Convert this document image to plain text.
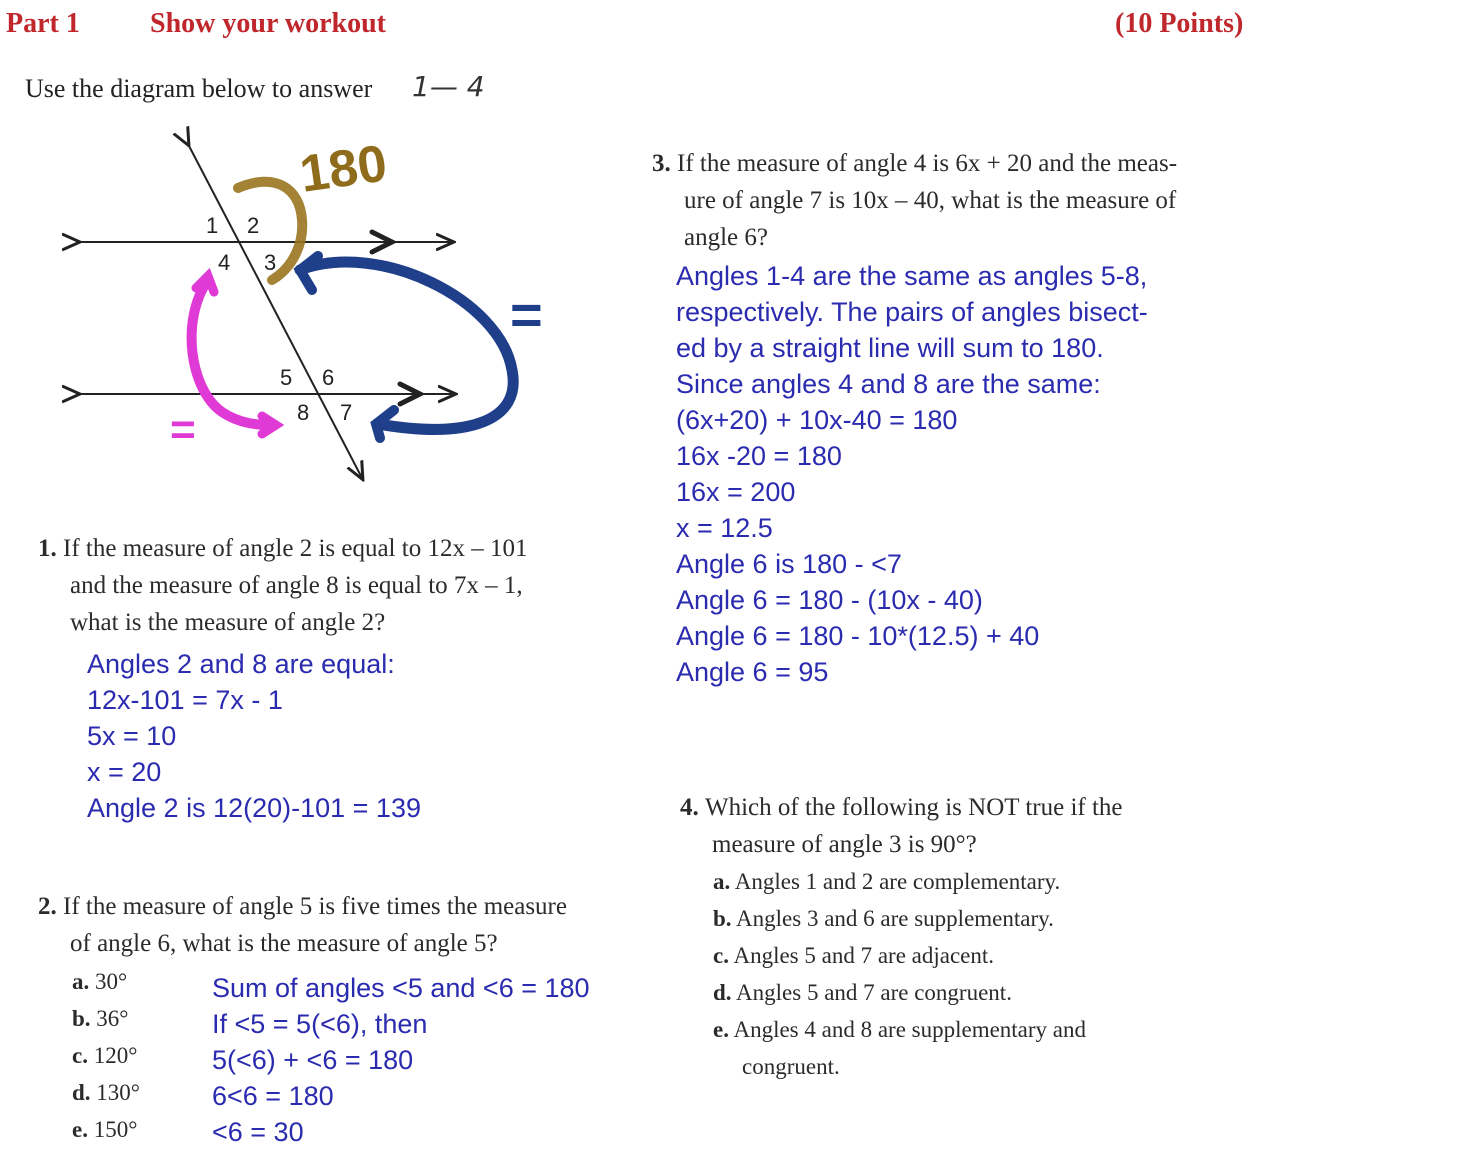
Part 1	Show your workout	(10 Points)
Use the diagram below to answer 1— 4
1 2
3
4
5 6
7
8
180
=
=
1. If the measure of angle 2 is equal to 12x – 101
and the measure of angle 8 is equal to 7x – 1,
what is the measure of angle 2?
Angles 2 and 8 are equal:
12x-101 = 7x - 1
5x = 10
x = 20
Angle 2 is 12(20)-101 = 139
2. If the measure of angle 5 is five times the measure
of angle 6, what is the measure of angle 5?
a. 30°
b. 36°
c. 120°
d. 130°
e. 150°
Sum of angles <5 and <6 = 180
If <5 = 5(<6), then
5(<6) + <6 = 180
6<6 = 180
<6 = 30
3. If the measure of angle 4 is 6x + 20 and the meas-
ure of angle 7 is 10x – 40, what is the measure of
angle 6?
Angles 1-4 are the same as angles 5-8,
respectively. The pairs of angles bisect-
ed by a straight line will sum to 180.
Since angles 4 and 8 are the same:
(6x+20) + 10x-40 = 180
16x -20 = 180
16x = 200
x = 12.5
Angle 6 is 180 - <7
Angle 6 = 180 - (10x - 40)
Angle 6 = 180 - 10*(12.5) + 40
Angle 6 = 95
4. Which of the following is NOT true if the
measure of angle 3 is 90°?
a. Angles 1 and 2 are complementary.
b. Angles 3 and 6 are supplementary.
c. Angles 5 and 7 are adjacent.
d. Angles 5 and 7 are congruent.
e. Angles 4 and 8 are supplementary and
congruent.
